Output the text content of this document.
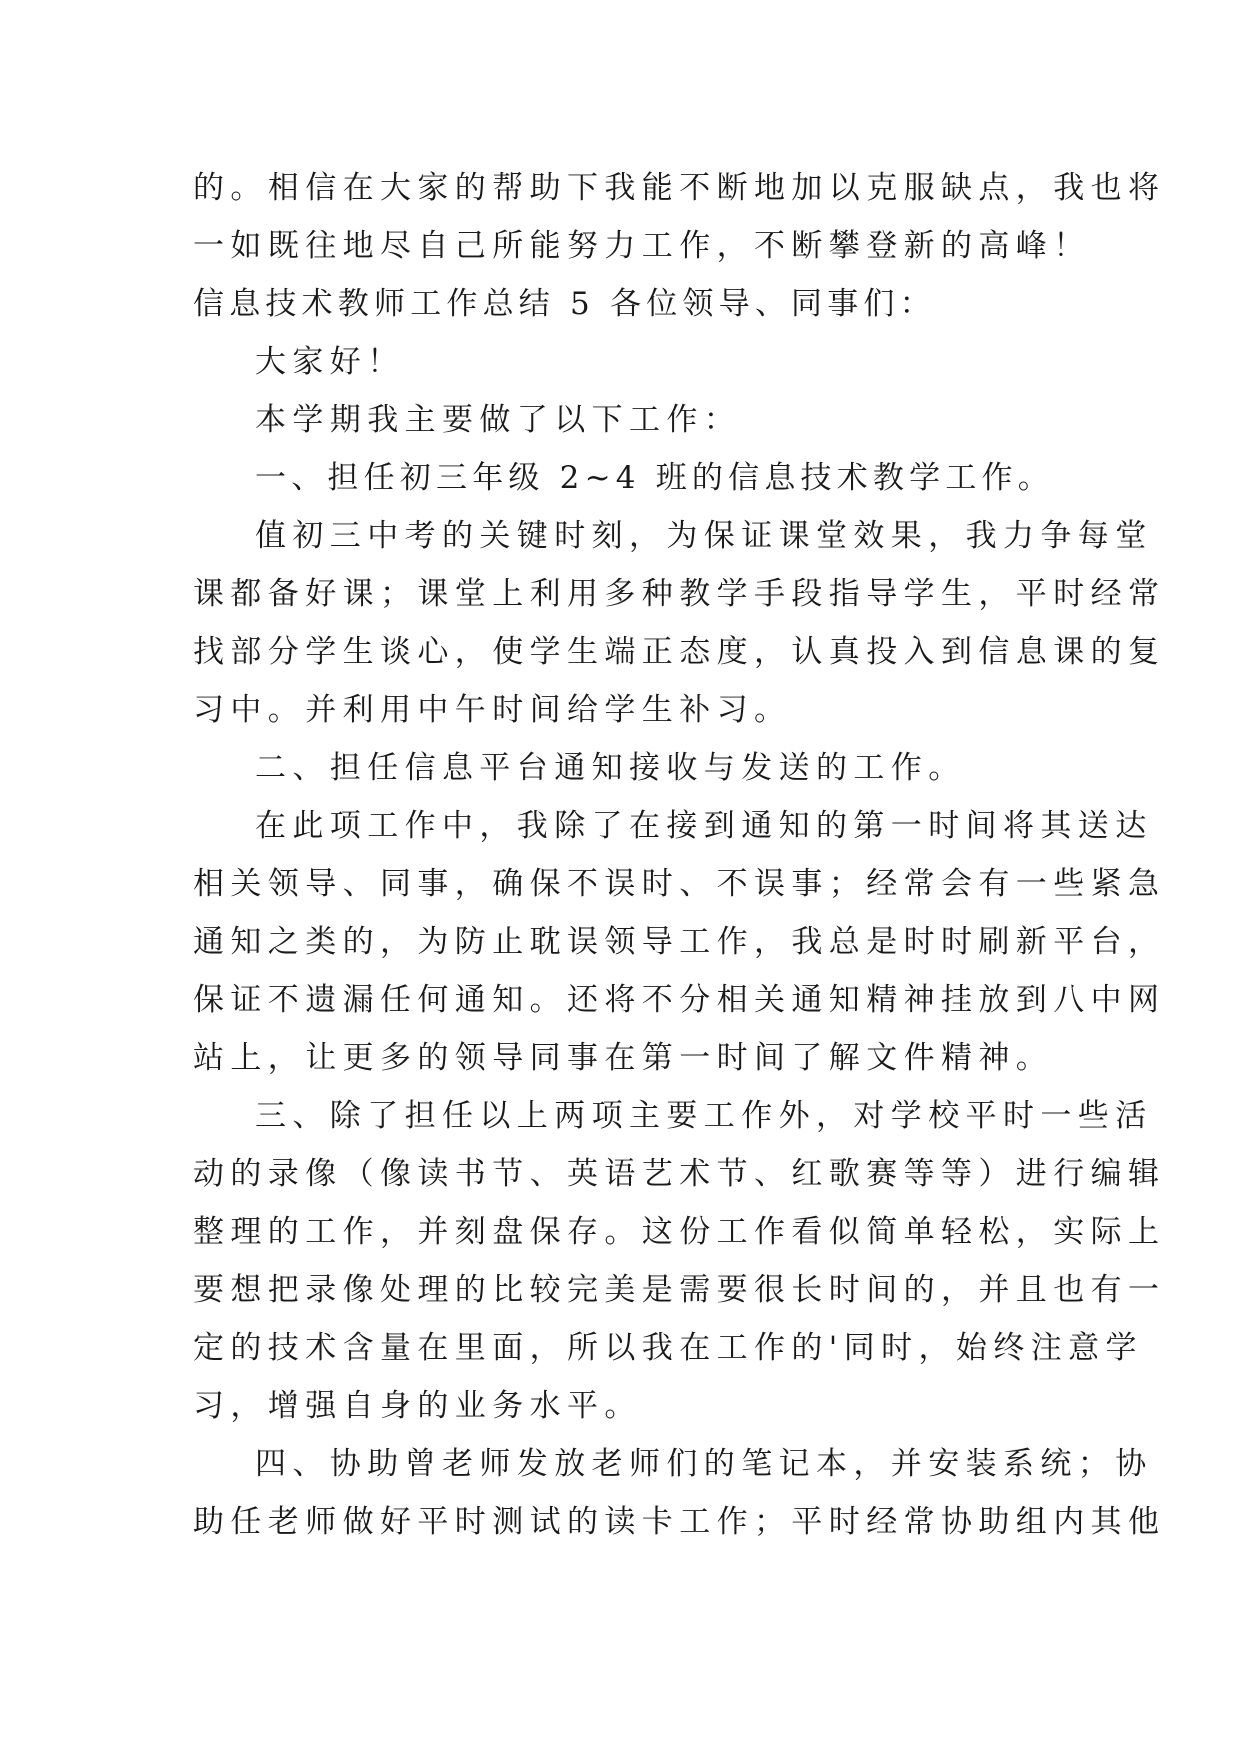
的。相信在大家的帮助下我能不断地加以克服缺点，我也将
一如既往地尽自己所能努力工作，不断攀登新的高峰！
信息技术教师工作总结 5 各位领导、同事们：
大家好！
本学期我主要做了以下工作：
一、担任初三年级 2~4 班的信息技术教学工作。
值初三中考的关键时刻，为保证课堂效果，我力争每堂
课都备好课；课堂上利用多种教学手段指导学生，平时经常
找部分学生谈心，使学生端正态度，认真投入到信息课的复
习中。并利用中午时间给学生补习。
二、担任信息平台通知接收与发送的工作。
在此项工作中，我除了在接到通知的第一时间将其送达
相关领导、同事，确保不误时、不误事；经常会有一些紧急
通知之类的，为防止耽误领导工作，我总是时时刷新平台，
保证不遗漏任何通知。还将不分相关通知精神挂放到八中网
站上，让更多的领导同事在第一时间了解文件精神。
三、除了担任以上两项主要工作外，对学校平时一些活
动的录像（像读书节、英语艺术节、红歌赛等等）进行编辑
整理的工作，并刻盘保存。这份工作看似简单轻松，实际上
要想把录像处理的比较完美是需要很长时间的，并且也有一
定的技术含量在里面，所以我在工作的'同时，始终注意学
习，增强自身的业务水平。
四、协助曾老师发放老师们的笔记本，并安装系统；协
助任老师做好平时测试的读卡工作；平时经常协助组内其他
